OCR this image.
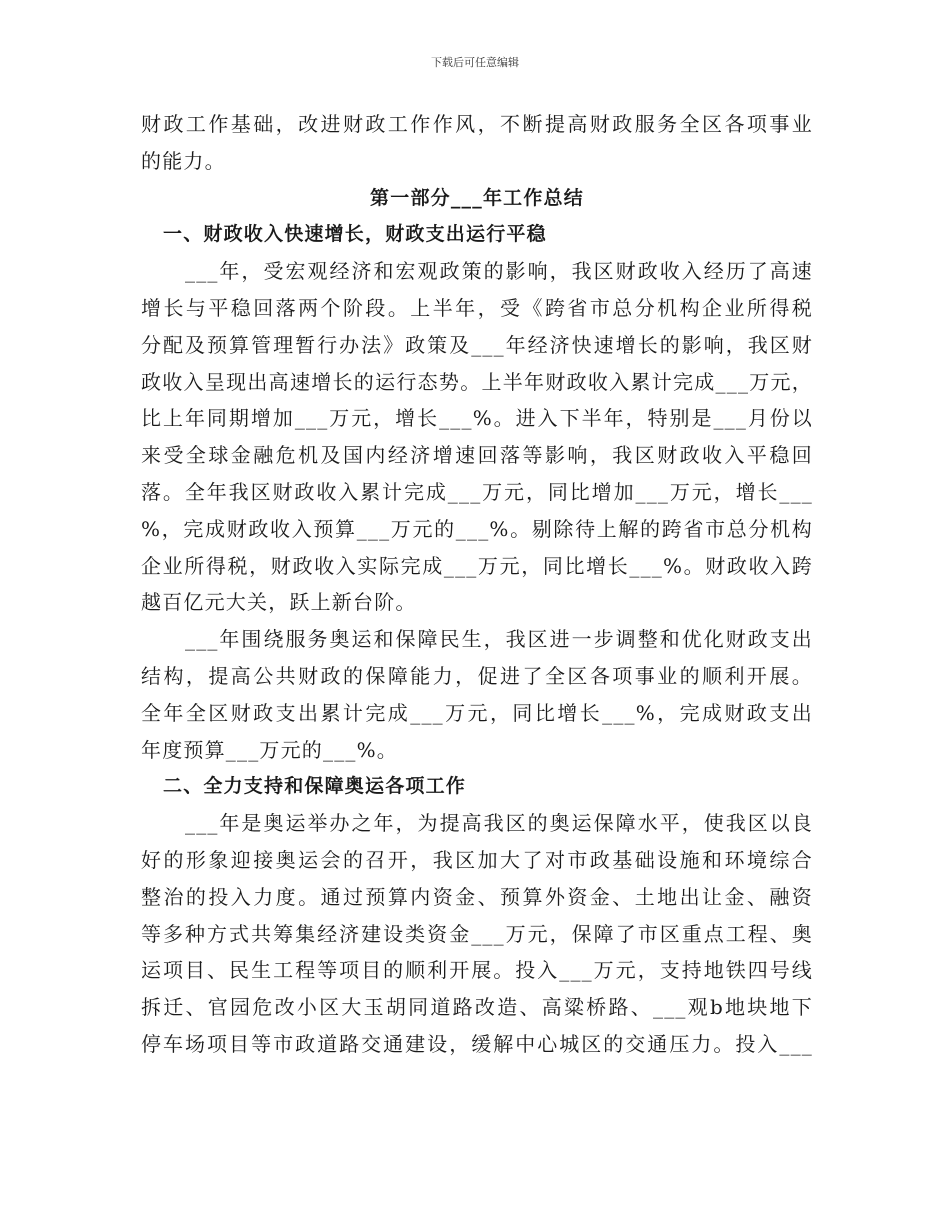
下载后可任意编辑
财政工作基础，改进财政工作作风，不断提高财政服务全区各项事业
的能力。
第一部分___年工作总结
一、财政收入快速增长，财政支出运行平稳
___年，受宏观经济和宏观政策的影响，我区财政收入经历了高速
增长与平稳回落两个阶段。上半年，受《跨省市总分机构企业所得税
分配及预算管理暂行办法》政策及___年经济快速增长的影响，我区财
政收入呈现出高速增长的运行态势。上半年财政收入累计完成___万元，
比上年同期增加___万元，增长___%。进入下半年，特别是___月份以
来受全球金融危机及国内经济增速回落等影响，我区财政收入平稳回
落。全年我区财政收入累计完成___万元，同比增加___万元，增长___
%，完成财政收入预算___万元的___%。剔除待上解的跨省市总分机构
企业所得税，财政收入实际完成___万元，同比增长___%。财政收入跨
越百亿元大关，跃上新台阶。
___年围绕服务奥运和保障民生，我区进一步调整和优化财政支出
结构，提高公共财政的保障能力，促进了全区各项事业的顺利开展。
全年全区财政支出累计完成___万元，同比增长___%，完成财政支出
年度预算___万元的___%。
二、全力支持和保障奥运各项工作
___年是奥运举办之年，为提高我区的奥运保障水平，使我区以良
好的形象迎接奥运会的召开，我区加大了对市政基础设施和环境综合
整治的投入力度。通过预算内资金、预算外资金、土地出让金、融资
等多种方式共筹集经济建设类资金___万元，保障了市区重点工程、奥
运项目、民生工程等项目的顺利开展。投入___万元，支持地铁四号线
拆迁、官园危改小区大玉胡同道路改造、高粱桥路、___观b地块地下
停车场项目等市政道路交通建设，缓解中心城区的交通压力。投入___
